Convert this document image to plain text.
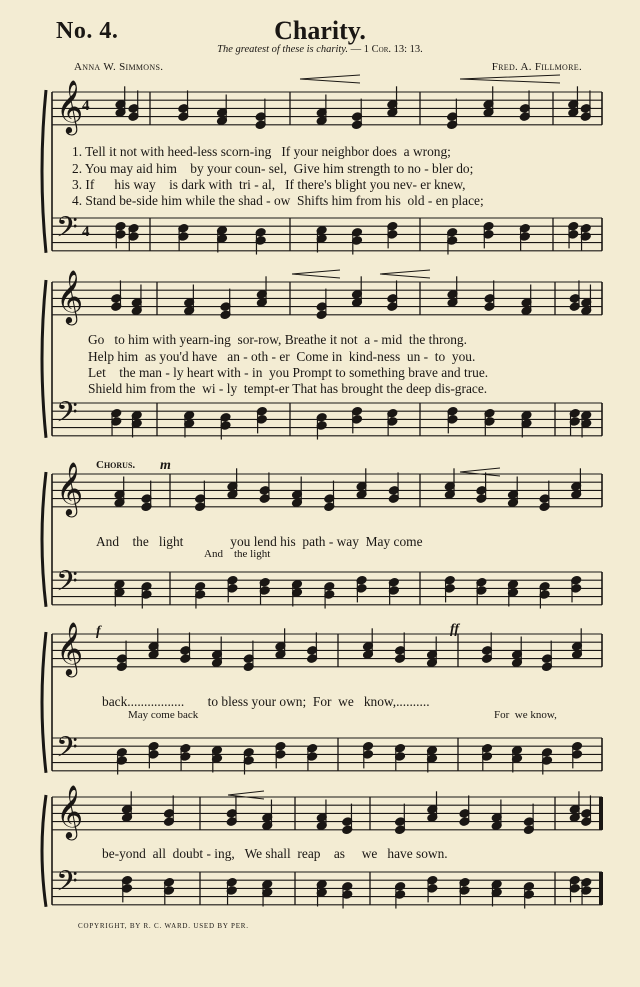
No. 4.	Charity.
The greatest of these is charity. — 1 Cor. 13: 13.
Anna W. Simmons.	Fred. A. Fillmore.
𝄞
𝄢
4
4
𝄞
𝄢
𝄞
𝄢
𝄞
𝄢
𝄞
𝄢
1. Tell it not with heed-less scorn-ing   If your neighbor does  a wrong;
2. You may aid him    by your coun- sel,  Give him strength to no - bler do;
3. If      his way    is dark with  tri - al,   If there's blight you nev- er knew,
4. Stand be-side him while the shad - ow  Shifts him from his  old - en place;
Go   to him with yearn-ing  sor-row, Breathe it not  a - mid  the throng.
Help him  as you'd have   an - oth - er  Come in  kind-ness  un -  to  you.
Let    the man - ly heart with - in  you Prompt to something brave and true.
Shield him from the  wi - ly  tempt-er That has brought the deep dis-grace.
Chorus. m
And    the   light              you lend his  path - way  May come
And    the light
f	ff
back.................       to bless your own;  For  we   know,..........
May come back	For  we know,
be-yond  all  doubt - ing,   We shall  reap    as     we   have sown.
COPYRIGHT, BY R. C. WARD. USED BY PER.
